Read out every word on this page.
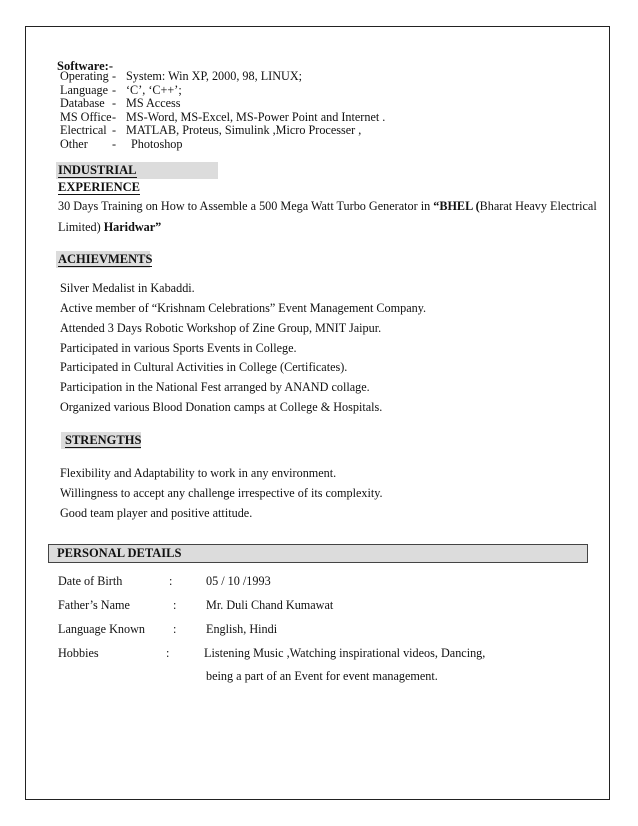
Software:-
Operating - System: Win XP, 2000, 98, LINUX;
Language - ‘C’, ‘C++’;
Database - MS Access
MS Office- MS-Word, MS-Excel, MS-Power Point and Internet .
Electrical - MATLAB, Proteus, Simulink ,Micro Processer ,
Other - Photoshop
INDUSTRIAL EXPERIENCE
30 Days Training on How to Assemble a 500 Mega Watt Turbo Generator in “BHEL (Bharat Heavy Electrical
Limited) Haridwar”
ACHIEVMENTS
Silver Medalist in Kabaddi.
Active member of “Krishnam Celebrations” Event Management Company.
Attended 3 Days Robotic Workshop of Zine Group, MNIT Jaipur.
Participated in various Sports Events in College.
Participated in Cultural Activities in College (Certificates).
Participation in the National Fest arranged by ANAND collage.
Organized various Blood Donation camps at College & Hospitals.
STRENGTHS
Flexibility and Adaptability to work in any environment.
Willingness to accept any challenge irrespective of its complexity.
Good team player and positive attitude.
PERSONAL DETAILS
Date of Birth	:	05 / 10 /1993
Father’s Name	: Mr. Duli Chand Kumawat
Language Known : English, Hindi
Hobbies	:	Listening Music ,Watching inspirational videos, Dancing,
being a part of an Event for event management.
